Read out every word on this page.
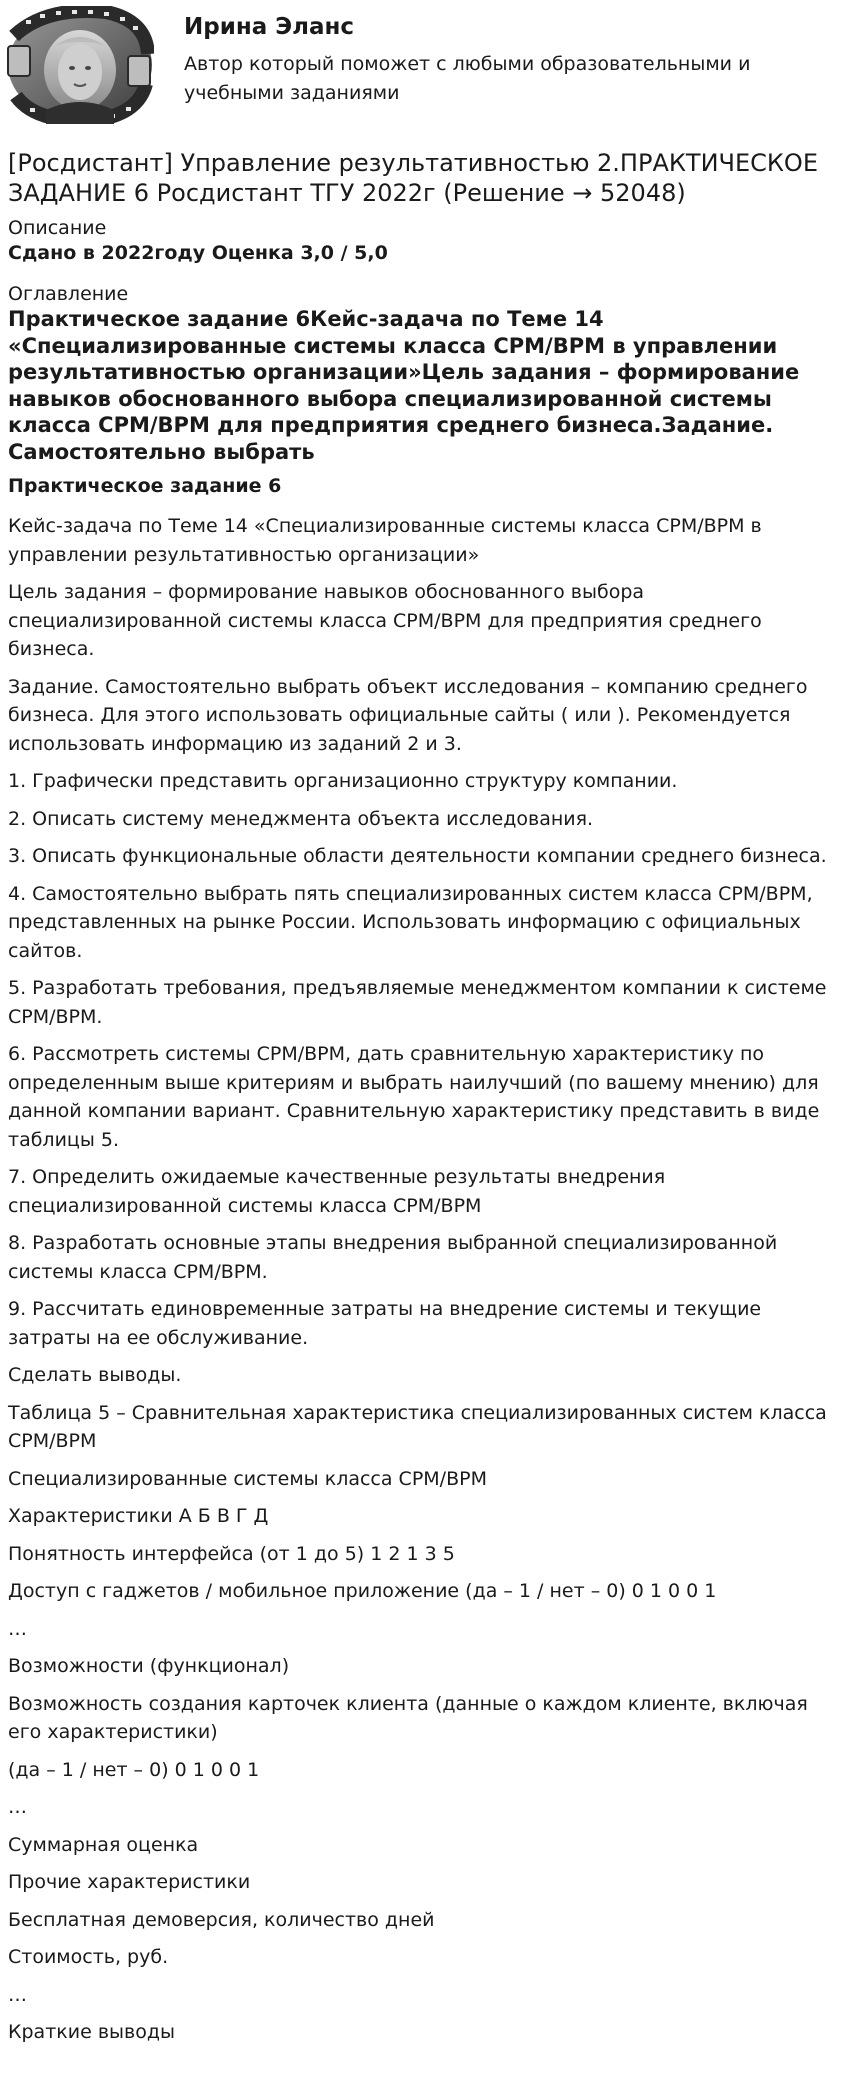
Ирина Эланс
Автор который поможет с любыми образовательными и учебными заданиями
[Росдистант] Управление результативностью 2.ПРАКТИЧЕСКОЕ ЗАДАНИЕ 6 Росдистант ТГУ 2022г (Решение → 52048)
Описание
Сдано в 2022году Оценка 3,0 / 5,0
Оглавление
Практическое задание 6Кейс-задача по Теме 14 «Специализированные системы класса CPM/BPM в управлении результативностью организации»Цель задания – формирование навыков обоснованного выбора специализированной системы класса CPM/BPM для предприятия среднего бизнеса.Задание. Самостоятельно выбрать
Практическое задание 6

Кейс-задача по Теме 14 «Специализированные системы класса CPM/BPM в управлении результативностью организации»

Цель задания – формирование навыков обоснованного выбора специализированной системы класса CPM/BPM для предприятия среднего бизнеса.

Задание. Самостоятельно выбрать объект исследования – компанию среднего бизнеса. Для этого использовать официальные сайты ( или ). Рекомендуется использовать информацию из заданий 2 и 3.

1. Графически представить организационно структуру компании.

2. Описать систему менеджмента объекта исследования.

3. Описать функциональные области деятельности компании среднего бизнеса.

4. Самостоятельно выбрать пять специализированных систем класса CPM/BPM, представленных на рынке России. Использовать информацию с официальных сайтов.

5. Разработать требования, предъявляемые менеджментом компании к системе CPM/BPM.

6. Рассмотреть системы CPM/BPM, дать сравнительную характеристику по определенным выше критериям и выбрать наилучший (по вашему мнению) для данной компании вариант. Сравнительную характеристику представить в виде таблицы 5.

7. Определить ожидаемые качественные результаты внедрения специализированной системы класса CPM/BPM

8. Разработать основные этапы внедрения выбранной специализированной системы класса CPM/BPM.

9. Рассчитать единовременные затраты на внедрение системы и текущие затраты на ее обслуживание.

Сделать выводы.

Таблица 5 – Сравнительная характеристика специализированных систем класса CPM/BPM

Специализированные системы класса CPM/BPM

Характеристики А Б В Г Д

Понятность интерфейса (от 1 до 5) 1 2 1 3 5

Доступ с гаджетов / мобильное приложение (да – 1 / нет – 0) 0 1 0 0 1

…

Возможности (функционал)

Возможность создания карточек клиента (данные о каждом клиенте, включая его характеристики)

(да – 1 / нет – 0) 0 1 0 0 1

…

Суммарная оценка

Прочие характеристики

Бесплатная демоверсия, количество дней

Стоимость, руб.

…

Краткие выводы
